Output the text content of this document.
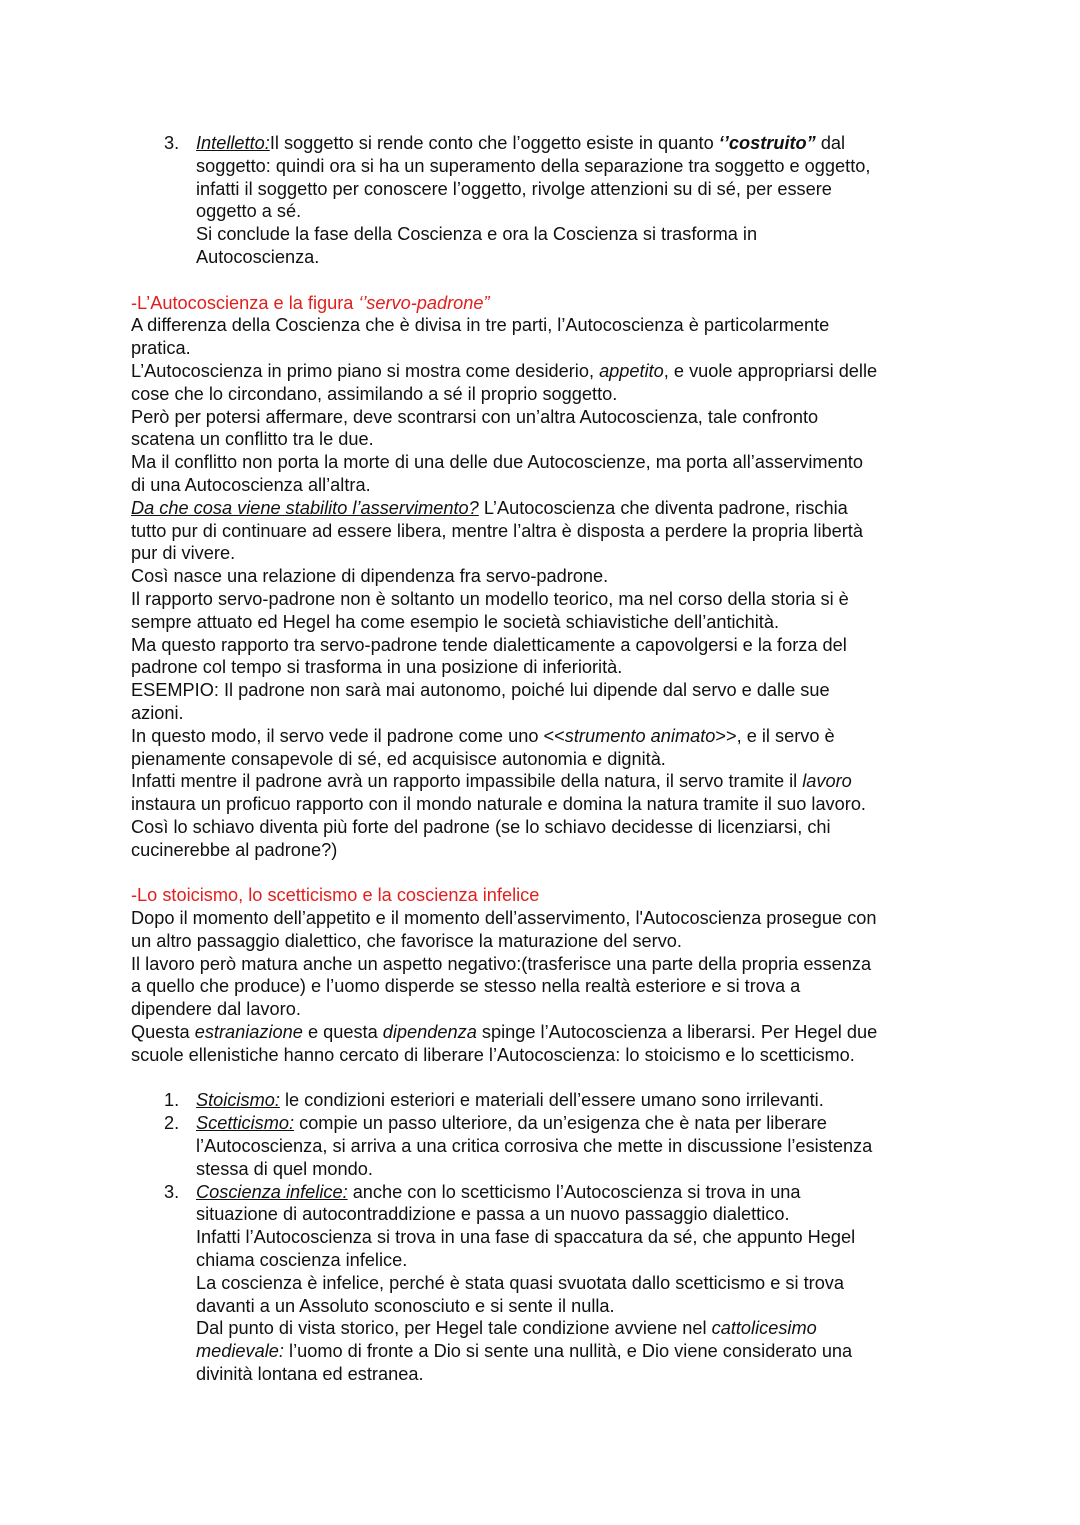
3. Intelletto:Il soggetto si rende conto che l’oggetto esiste in quanto ‘’costruito” dal
soggetto: quindi ora si ha un superamento della separazione tra soggetto e oggetto,
infatti il soggetto per conoscere l’oggetto, rivolge attenzioni su di sé, per essere
oggetto a sé.
Si conclude la fase della Coscienza e ora la Coscienza si trasforma in
Autocoscienza.

-L’Autocoscienza e la figura ‘’servo-padrone”

A differenza della Coscienza che è divisa in tre parti, l’Autocoscienza è particolarmente
pratica.

L’Autocoscienza in primo piano si mostra come desiderio, appetito, e vuole appropriarsi delle
cose che lo circondano, assimilando a sé il proprio soggetto.

Però per potersi affermare, deve scontrarsi con un’altra Autocoscienza, tale confronto
scatena un conflitto tra le due.

Ma il conflitto non porta la morte di una delle due Autocoscienze, ma porta all’asservimento
di una Autocoscienza all’altra.

Da che cosa viene stabilito l’asservimento? L’Autocoscienza che diventa padrone, rischia
tutto pur di continuare ad essere libera, mentre l’altra è disposta a perdere la propria libertà
pur di vivere.

Così nasce una relazione di dipendenza fra servo-padrone.

Il rapporto servo-padrone non è soltanto un modello teorico, ma nel corso della storia si è
sempre attuato ed Hegel ha come esempio le società schiavistiche dell’antichità.

Ma questo rapporto tra servo-padrone tende dialetticamente a capovolgersi e la forza del
padrone col tempo si trasforma in una posizione di inferiorità.

ESEMPIO: Il padrone non sarà mai autonomo, poiché lui dipende dal servo e dalle sue
azioni.

In questo modo, il servo vede il padrone come uno <<strumento animato>>, e il servo è
pienamente consapevole di sé, ed acquisisce autonomia e dignità.

Infatti mentre il padrone avrà un rapporto impassibile della natura, il servo tramite il lavoro
instaura un proficuo rapporto con il mondo naturale e domina la natura tramite il suo lavoro.

Così lo schiavo diventa più forte del padrone (se lo schiavo decidesse di licenziarsi, chi
cucinerebbe al padrone?)

-Lo stoicismo, lo scetticismo e la coscienza infelice

Dopo il momento dell’appetito e il momento dell’asservimento, l'Autocoscienza prosegue con
un altro passaggio dialettico, che favorisce la maturazione del servo.

Il lavoro però matura anche un aspetto negativo:(trasferisce una parte della propria essenza
a quello che produce) e l’uomo disperde se stesso nella realtà esteriore e si trova a
dipendere dal lavoro.

Questa estraniazione e questa dipendenza spinge l’Autocoscienza a liberarsi. Per Hegel due
scuole ellenistiche hanno cercato di liberare l’Autocoscienza: lo stoicismo e lo scetticismo.

1. Stoicismo: le condizioni esteriori e materiali dell’essere umano sono irrilevanti.
2. Scetticismo: compie un passo ulteriore, da un’esigenza che è nata per liberare
l’Autocoscienza, si arriva a una critica corrosiva che mette in discussione l’esistenza
stessa di quel mondo.
3. Coscienza infelice: anche con lo scetticismo l’Autocoscienza si trova in una
situazione di autocontraddizione e passa a un nuovo passaggio dialettico.
Infatti l’Autocoscienza si trova in una fase di spaccatura da sé, che appunto Hegel
chiama coscienza infelice.
La coscienza è infelice, perché è stata quasi svuotata dallo scetticismo e si trova
davanti a un Assoluto sconosciuto e si sente il nulla.
Dal punto di vista storico, per Hegel tale condizione avviene nel cattolicesimo
medievale: l’uomo di fronte a Dio si sente una nullità, e Dio viene considerato una
divinità lontana ed estranea.
